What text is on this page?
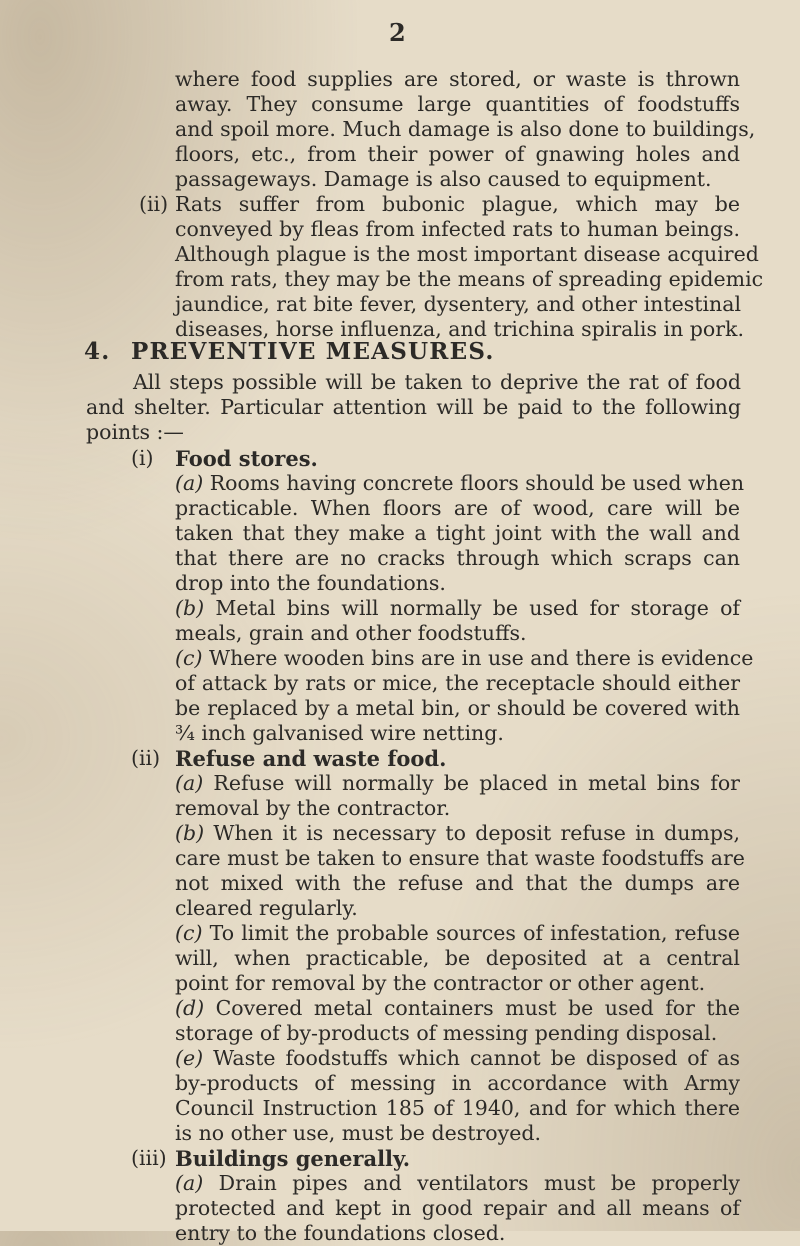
2
where food supplies are stored, or waste is thrown
away. They consume large quantities of foodstuffs
and spoil more. Much damage is also done to buildings,
floors, etc., from their power of gnawing holes and
passageways. Damage is also caused to equipment.
(ii) Rats suffer from bubonic plague, which may be
conveyed by fleas from infected rats to human beings.
Although plague is the most important disease acquired
from rats, they may be the means of spreading epidemic
jaundice, rat bite fever, dysentery, and other intestinal
diseases, horse influenza, and trichina spiralis in pork.
4. PREVENTIVE MEASURES.
All steps possible will be taken to deprive the rat of food
and shelter. Particular attention will be paid to the following
points :—
(i) Food stores.
(a) Rooms having concrete floors should be used when
practicable. When floors are of wood, care will be
taken that they make a tight joint with the wall and
that there are no cracks through which scraps can
drop into the foundations.
(b) Metal bins will normally be used for storage of
meals, grain and other foodstuffs.
(c) Where wooden bins are in use and there is evidence
of attack by rats or mice, the receptacle should either
be replaced by a metal bin, or should be covered with
¾ inch galvanised wire netting.
(ii) Refuse and waste food.
(a) Refuse will normally be placed in metal bins for
removal by the contractor.
(b) When it is necessary to deposit refuse in dumps,
care must be taken to ensure that waste foodstuffs are
not mixed with the refuse and that the dumps are
cleared regularly.
(c) To limit the probable sources of infestation, refuse
will, when practicable, be deposited at a central
point for removal by the contractor or other agent.
(d) Covered metal containers must be used for the
storage of by-products of messing pending disposal.
(e) Waste foodstuffs which cannot be disposed of as
by-products of messing in accordance with Army
Council Instruction 185 of 1940, and for which there
is no other use, must be destroyed.
(iii) Buildings generally.
(a) Drain pipes and ventilators must be properly
protected and kept in good repair and all means of
entry to the foundations closed.
